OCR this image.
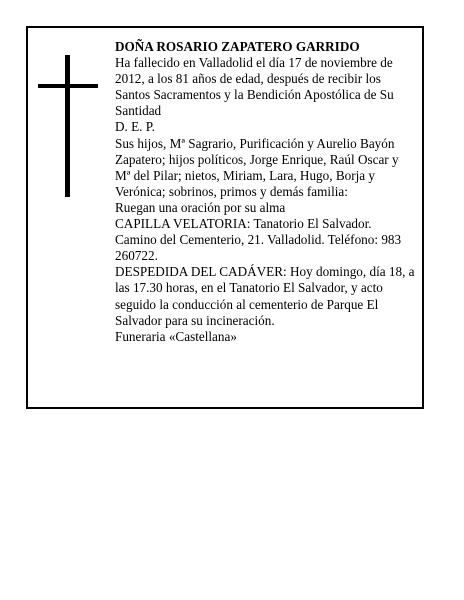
DOÑA ROSARIO ZAPATERO GARRIDO

Ha fallecido en Valladolid el día 17 de noviembre de 2012, a los 81 años de edad, después de recibir los Santos Sacramentos y la Bendición Apostólica de Su Santidad

D. E. P.

Sus hijos, Mª Sagrario, Purificación y Aurelio Bayón Zapatero; hijos políticos, Jorge Enrique, Raúl Oscar y Mª del Pilar; nietos, Miriam, Lara, Hugo, Borja y Verónica; sobrinos, primos y demás familia:

Ruegan una oración por su alma

CAPILLA VELATORIA: Tanatorio El Salvador. Camino del Cementerio, 21. Valladolid. Teléfono: 983 260722.

DESPEDIDA DEL CADÁVER: Hoy domingo, día 18, a las 17.30 horas, en el Tanatorio El Salvador, y acto seguido la conducción al cementerio de Parque El Salvador para su incineración.

Funeraria «Castellana»
